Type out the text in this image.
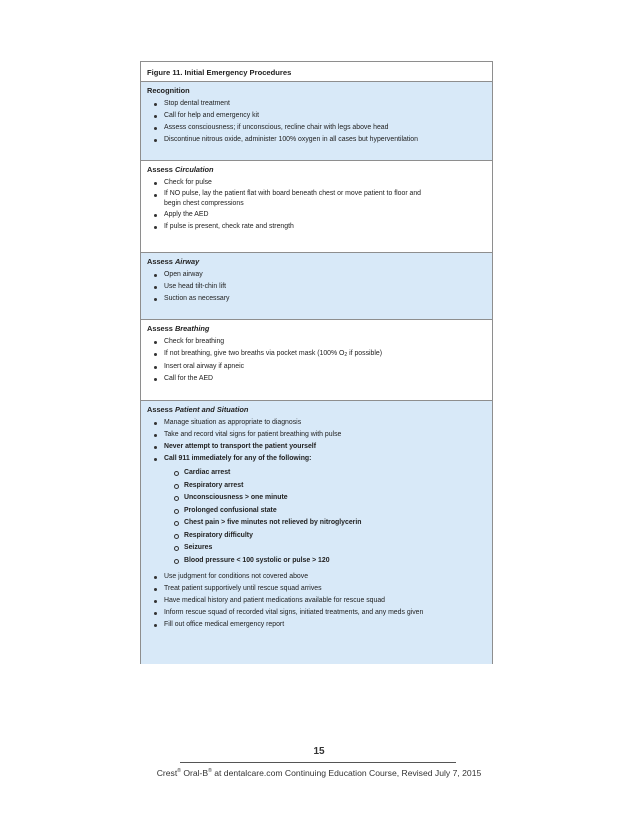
Figure 11. Initial Emergency Procedures
Recognition
Stop dental treatment
Call for help and emergency kit
Assess consciousness; if unconscious, recline chair with legs above head
Discontinue nitrous oxide, administer 100% oxygen in all cases but hyperventilation
Assess Circulation
Check for pulse
If NO pulse, lay the patient flat with board beneath chest or move patient to floor and
begin chest compressions
Apply the AED
If pulse is present, check rate and strength
Assess Airway
Open airway
Use head tilt-chin lift
Suction as necessary
Assess Breathing
Check for breathing
If not breathing, give two breaths via pocket mask (100% $O_2$ if possible)
Insert oral airway if apneic
Call for the AED
Assess Patient and Situation
Manage situation as appropriate to diagnosis
Take and record vital signs for patient breathing with pulse
Never attempt to transport the patient yourself
Call 911 immediately for any of the following:
Cardiac arrest
Respiratory arrest
Unconsciousness > one minute
Prolonged confusional state
Chest pain > five minutes not relieved by nitroglycerin
Respiratory difficulty
Seizures
Blood pressure < 100 systolic or pulse > 120
Use judgment for conditions not covered above
Treat patient supportively until rescue squad arrives
Have medical history and patient medications available for rescue squad
Inform rescue squad of recorded vital signs, initiated treatments, and any meds given
Fill out office medical emergency report
15
Crest® Oral-B® at dentalcare.com Continuing Education Course, Revised July 7, 2015
